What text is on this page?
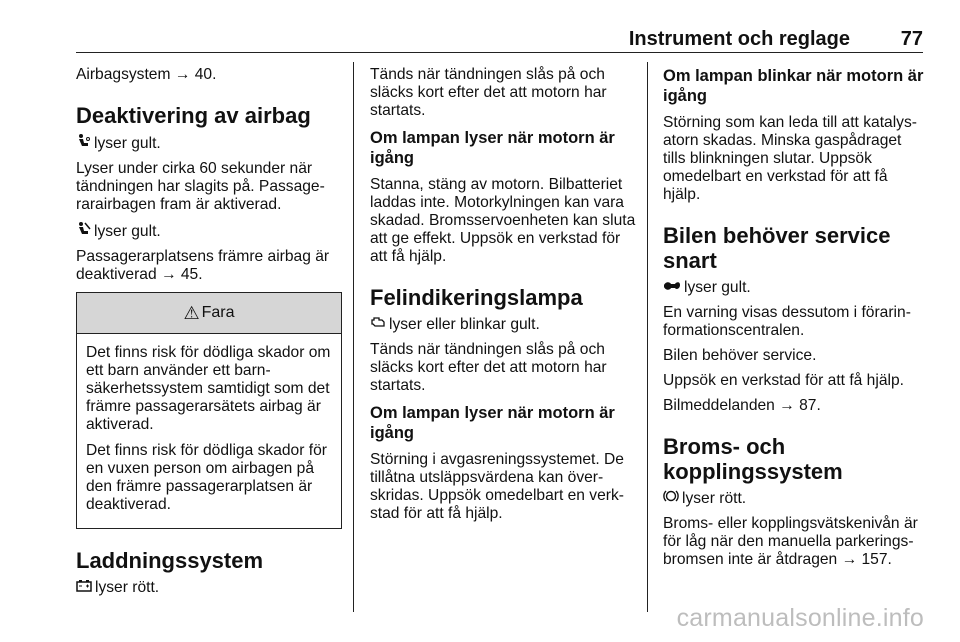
Instrument och reglage	77

Airbagsystem → 40.

Deaktivering av airbag

lyser gult.

Lyser under cirka 60 sekunder när tändningen har slagits på. Passagerarairbagen fram är aktiverad.

lyser gult.

Passagerarplatsens främre airbag är deaktiverad → 45.

⚠ Fara

Det finns risk för dödliga skador om ett barn använder ett barnsäkerhetssystem samtidigt som det främre passagerarsätets airbag är aktiverad.

Det finns risk för dödliga skador för en vuxen person om airbagen på den främre passagerarplatsen är deaktiverad.

Laddningssystem

lyser rött.

Tänds när tändningen slås på och släcks kort efter det att motorn har startats.

Om lampan lyser när motorn är igång

Stanna, stäng av motorn. Bilbatteriet laddas inte. Motorkylningen kan vara skadad. Bromsservoenheten kan sluta att ge effekt. Uppsök en verkstad för att få hjälp.

Felindikeringslampa

lyser eller blinkar gult.

Tänds när tändningen slås på och släcks kort efter det att motorn har startats.

Om lampan lyser när motorn är igång

Störning i avgasreningssystemet. De tillåtna utsläppsvärdena kan överskridas. Uppsök omedelbart en verkstad för att få hjälp.

Om lampan blinkar när motorn är igång

Störning som kan leda till att katalysatorn skadas. Minska gaspådraget tills blinkningen slutar. Uppsök omedelbart en verkstad för att få hjälp.

Bilen behöver service snart

lyser gult.

En varning visas dessutom i förarinformationscentralen.

Bilen behöver service.

Uppsök en verkstad för att få hjälp.

Bilmeddelanden → 87.

Broms- och kopplingssystem

lyser rött.

Broms- eller kopplingsvätskenivån är för låg när den manuella parkeringsbromsen inte är åtdragen → 157.

carmanualsonline.info
